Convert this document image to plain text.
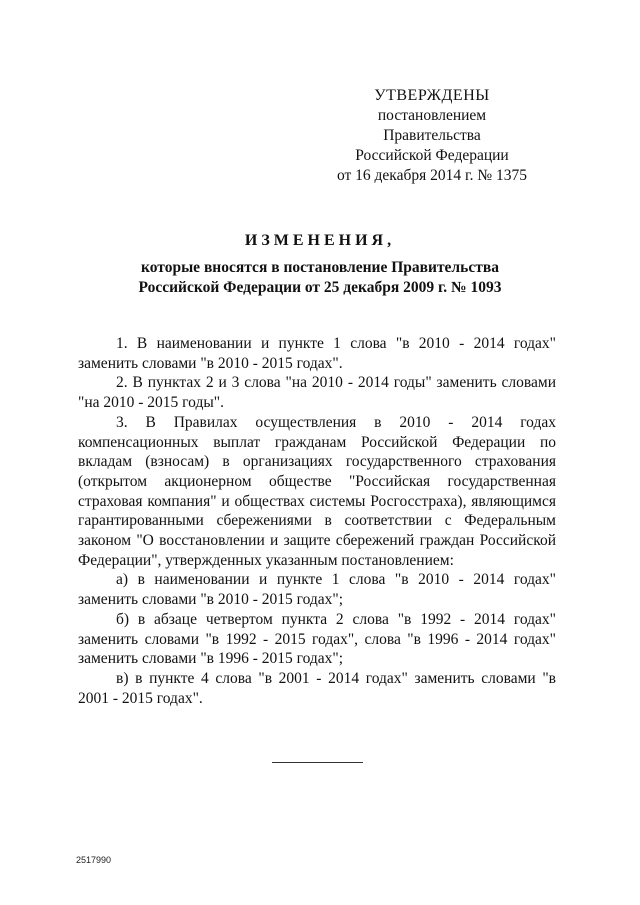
УТВЕРЖДЕНЫ
постановлением Правительства
Российской Федерации
от 16 декабря 2014 г. № 1375
ИЗМЕНЕНИЯ,
которые вносятся в постановление Правительства
Российской Федерации от 25 декабря 2009 г. № 1093

1. В наименовании и пункте 1 слова "в 2010 - 2014 годах" заменить словами "в 2010 - 2015 годах".

2. В пунктах 2 и 3 слова "на 2010 - 2014 годы" заменить словами "на 2010 - 2015 годы".

3. В Правилах осуществления в 2010 - 2014 годах компенсационных выплат гражданам Российской Федерации по вкладам (взносам) в организациях государственного страхования (открытом акционерном обществе "Российская государственная страховая компания" и обществах системы Росгосстраха), являющимся гарантированными сбережениями в соответствии с Федеральным законом "О восстановлении и защите сбережений граждан Российской Федерации", утвержденных указанным постановлением:

а) в наименовании и пункте 1 слова "в 2010 - 2014 годах" заменить словами "в 2010 - 2015 годах";

б) в абзаце четвертом пункта 2 слова "в 1992 - 2014 годах" заменить словами "в 1992 - 2015 годах", слова "в 1996 - 2014 годах" заменить словами "в 1996 - 2015 годах";

в) в пункте 4 слова "в 2001 - 2014 годах" заменить словами "в 2001 - 2015 годах".

2517990
